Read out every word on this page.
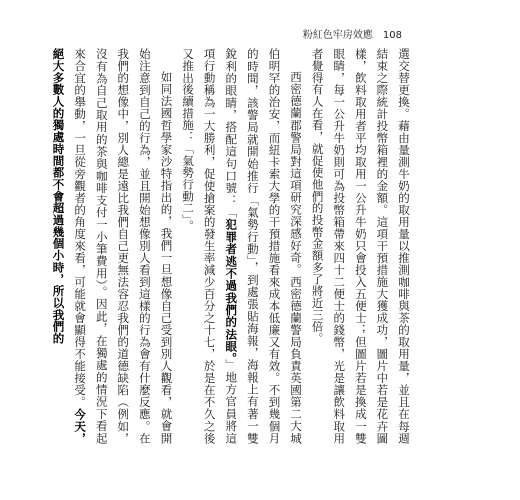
粉紅色牢房效應 108

選交替更換。藉由量測牛奶的取用量以推測咖啡與茶的取用量，並且在每週結束之際統計投幣箱裡的金額。這項干預措施大獲成功，圖片中若是花卉圖樣，飲料取用者平均取用一公升牛奶只會投入五便士；但圖片若是換成一雙眼睛，每一公升牛奶則可為投幣箱帶來四十二便士的錢幣，光是讓飲料取用者覺得有人在看，就促使他們的投幣金額多了將近三倍。

西密德蘭郡警局對這項研究深感好奇。西密德蘭警局負責英國第二大城伯明罕的治安，而紐卡索大學的干預措施看來成本低廉又有效。不到幾個月的時間，該警局就開始推行「氣勢行動」，到處張貼海報，海報上有著一雙銳利的眼睛，搭配這句口號：「犯罪者逃不過我們的法眼。」地方官員將這項行動稱為一大勝利，促使搶案的發生率減少百分之十七，於是在不久之後又推出後續措施：「氣勢行動二」。

如同法國哲學家沙特指出的，我們一旦想像自己受到別人觀看，就會開始注意到自己的行為，並且開始想像別人看到這樣的行為會有什麼反應。在我們的想像中，別人總是遠比我們自己更無法容忍我們的道德缺陷（例如，沒有為自己取用的茶與咖啡支付一小筆費用）。因此，在獨處的情況下看起來合宜的舉動，一旦從旁觀者的角度來看，可能就會顯得不能接受。今天，絕大多數人的獨處時間都不會超過幾個小時，所以我們的
